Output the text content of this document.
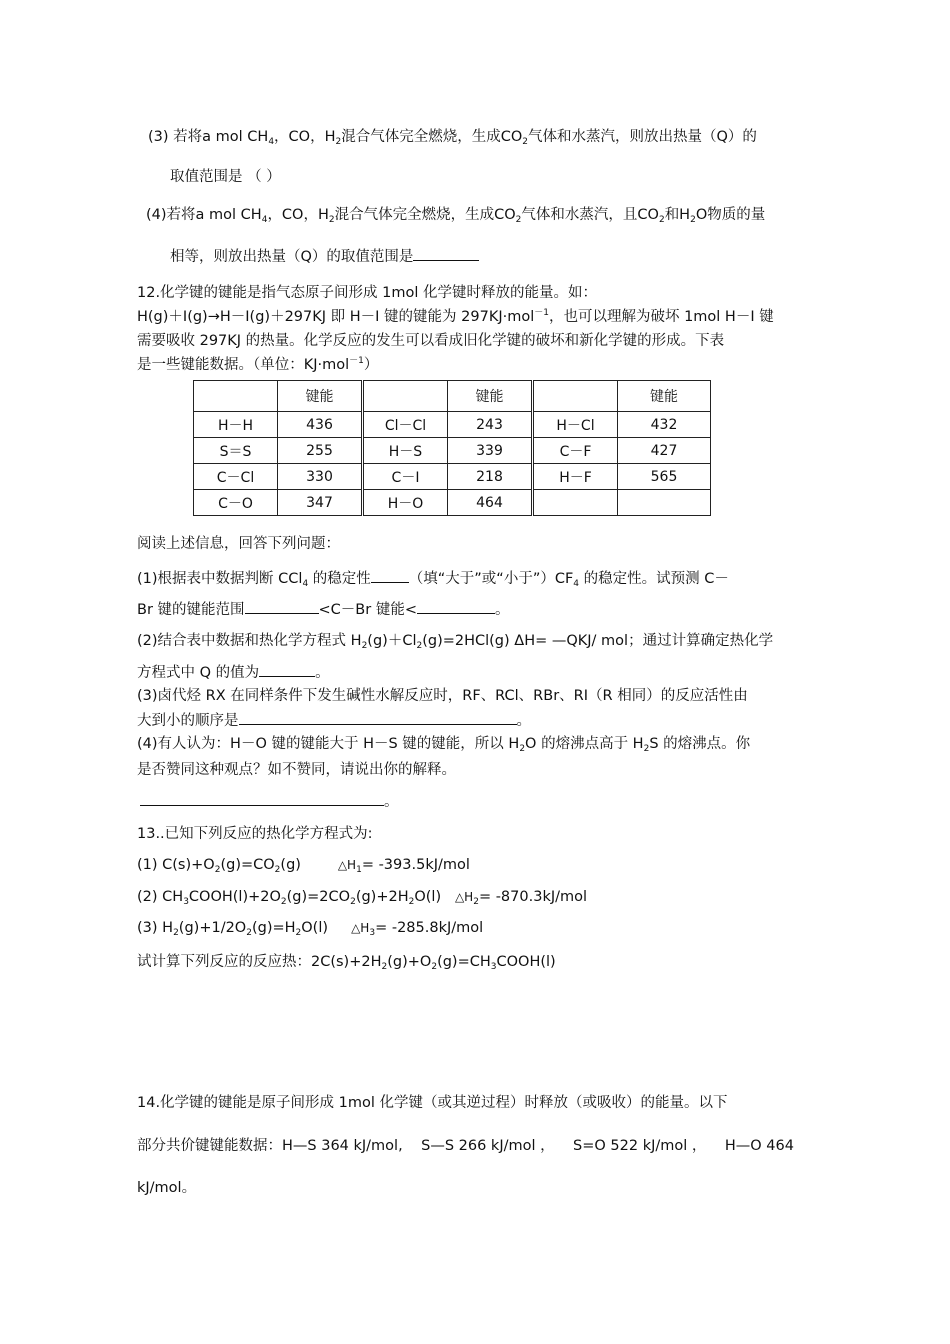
(3) 若将a mol $CH_4$，CO，$H_2$混合气体完全燃烧，生成$CO_2$气体和水蒸汽，则放出热量（Q）的
取值范围是 （ ）
(4)若将a mol $CH_4$，CO，$H_2$混合气体完全燃烧，生成$CO_2$气体和水蒸汽，且$CO_2$和$H_2O$物质的量
相等，则放出热量（Q）的取值范围是
12.化学键的键能是指气态原子间形成 1mol 化学键时释放的能量。如：
H(g)＋I(g)→H－I(g)＋297KJ 即 H－I 键的键能为 297KJ·mol$^{-1}$，也可以理解为破坏 1mol H－I 键
需要吸收 297KJ 的热量。化学反应的发生可以看成旧化学键的破坏和新化学键的形成。下表
是一些键能数据。（单位：KJ·mol$^{-1}$）
	键能		键能		键能
H－H	436	Cl－Cl	243	H－Cl	432
S＝S	255	H－S	339	C－F	427
C－Cl	330	C－I	218	H－F	565
C－O	347	H－O	464		
阅读上述信息，回答下列问题：
(1)根据表中数据判断 CCl$_4$ 的稳定性	（填“大于”或“小于$”)CF_4$ 的稳定性。试预测 C－
Br 键的键能范围	<C－Br 键能<	。
(2)结合表中数据和热化学方程式 $H_2(g)+Cl_2(g)=2HCl(g)$ ΔH= —QKJ/ mol；通过计算确定热化学
方程式中 Q 的值为	。
(3)卤代烃 RX 在同样条件下发生碱性水解反应时，RF、RCl、RBr、RI（R 相同）的反应活性由
大到小的顺序是	。
(4)有人认为：H－O 键的键能大于 H－S 键的键能，所以 $H_2O$ 的熔沸点高于 $H_2S$ 的熔沸点。你
是否赞同这种观点？如不赞同，请说出你的解释。
。
13..已知下列反应的热化学方程式为:
(1) $C(s)+O_2(g)=CO_2(g)$        $\triangle H_1= -393.5kJ/mol$
(2) $CH_3COOH(l)+2O_2(g)=2CO_2(g)+2H_2O(l)$   $\triangle H_2= -870.3kJ/mol$
(3) $H_2(g)+1/2O_2(g)=H_2O(l)$     $\triangle H_3= -285.8kJ/mol$
试计算下列反应的反应热：$2C(s)+2H_2(g)+O_2(g)=CH_3COOH(l)$
14.化学键的键能是原子间形成 1mol 化学键（或其逆过程）时释放（或吸收）的能量。以下
部分共价键键能数据：H—S 364 kJ/mol,    S—S 266 kJ/mol ，    S=O 522 kJ/mol ，    H—O 464
kJ/mol。
